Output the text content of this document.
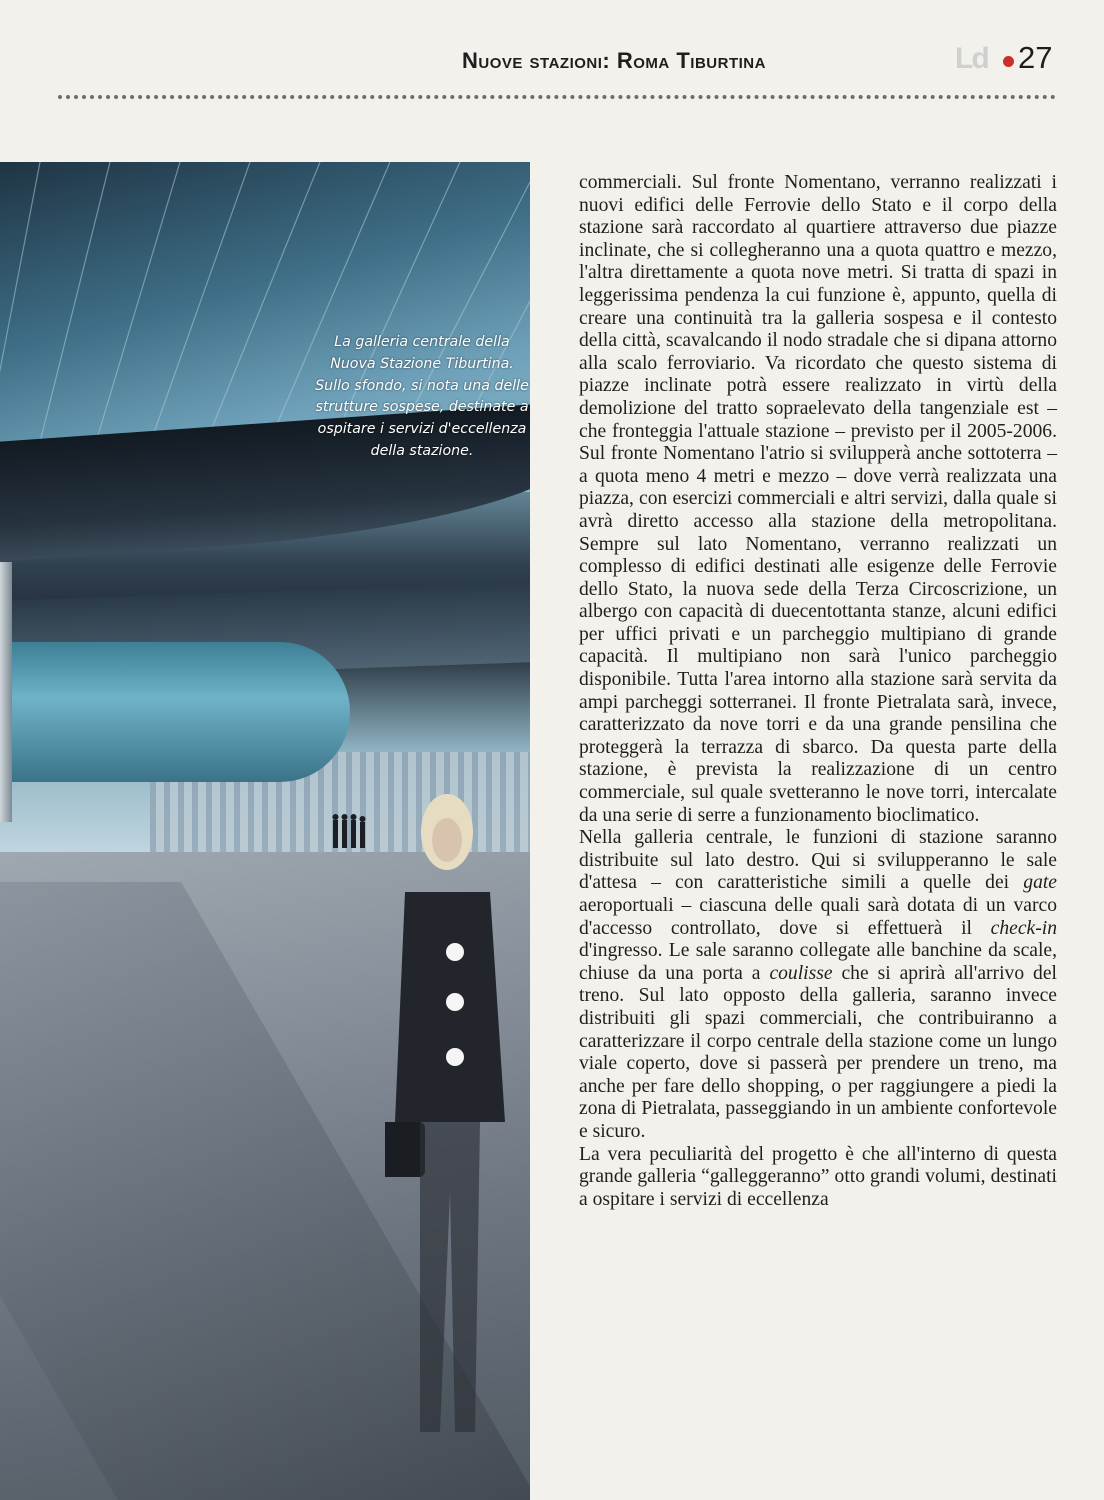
Nuove stazioni: Roma Tiburtina	Ld 27
La galleria centrale della Nuova Stazione Tiburtina. Sullo sfondo, si nota una delle strutture sospese, destinate a ospitare i servizi d'eccellenza della stazione.

commerciali. Sul fronte Nomentano, verranno realizzati i nuovi edifici delle Ferrovie dello Stato e il corpo della stazione sarà raccordato al quartiere attraverso due piazze inclinate, che si collegheranno una a quota quattro e mezzo, l'altra direttamente a quota nove metri. Si tratta di spazi in leggerissima pendenza la cui funzione è, appunto, quella di creare una continuità tra la galleria sospesa e il contesto della città, scavalcando il nodo stradale che si dipana attorno alla scalo ferroviario. Va ricordato che questo sistema di piazze inclinate potrà essere realizzato in virtù della demolizione del tratto sopraelevato della tangenziale est – che fronteggia l'attuale stazione – previsto per il 2005-2006. Sul fronte Nomentano l'atrio si svilupperà anche sottoterra – a quota meno 4 metri e mezzo – dove verrà realizzata una piazza, con esercizi commerciali e altri servizi, dalla quale si avrà diretto accesso alla stazione della metropolitana. Sempre sul lato Nomentano, verranno realizzati un complesso di edifici destinati alle esigenze delle Ferrovie dello Stato, la nuova sede della Terza Circoscrizione, un albergo con capacità di duecentottanta stanze, alcuni edifici per uffici privati e un parcheggio multipiano di grande capacità. Il multipiano non sarà l'unico parcheggio disponibile. Tutta l'area intorno alla stazione sarà servita da ampi parcheggi sotterranei. Il fronte Pietralata sarà, invece, caratterizzato da nove torri e da una grande pensilina che proteggerà la terrazza di sbarco. Da questa parte della stazione, è prevista la realizzazione di un centro commerciale, sul quale svetteranno le nove torri, intercalate da una serie di serre a funzionamento bioclimatico.

Nella galleria centrale, le funzioni di stazione saranno distribuite sul lato destro. Qui si svilupperanno le sale d'attesa – con caratteristiche simili a quelle dei gate aeroportuali – ciascuna delle quali sarà dotata di un varco d'accesso controllato, dove si effettuerà il check-in d'ingresso. Le sale saranno collegate alle banchine da scale, chiuse da una porta a coulisse che si aprirà all'arrivo del treno. Sul lato opposto della galleria, saranno invece distribuiti gli spazi commerciali, che contribuiranno a caratterizzare il corpo centrale della stazione come un lungo viale coperto, dove si passerà per prendere un treno, ma anche per fare dello shopping, o per raggiungere a piedi la zona di Pietralata, passeggiando in un ambiente confortevole e sicuro.

La vera peculiarità del progetto è che all'interno di questa grande galleria “galleggeranno” otto grandi volumi, destinati a ospitare i servizi di eccellenza
